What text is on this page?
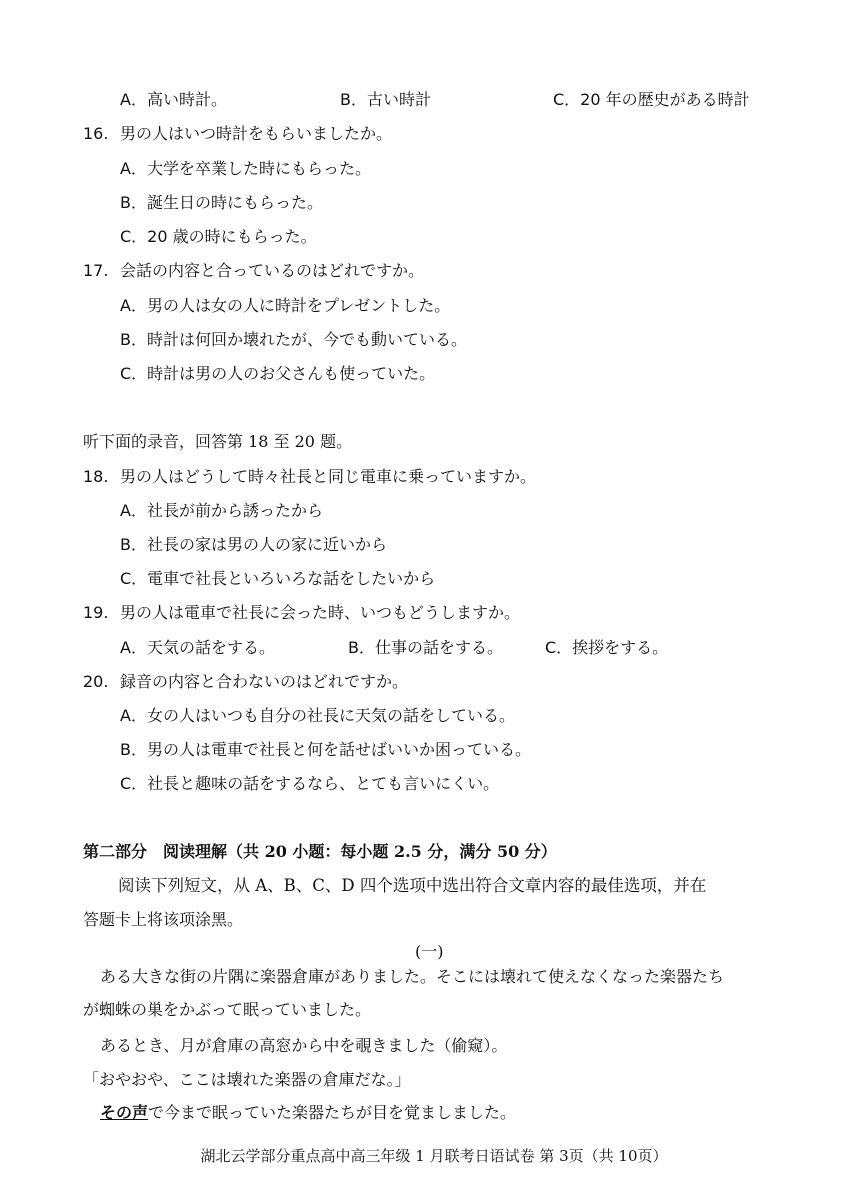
A．高い時計。	B．古い時計	C．20 年の歴史がある時計
16. 男の人はいつ時計をもらいましたか。
A．大学を卒業した時にもらった。
B．誕生日の時にもらった。
C．20 歳の時にもらった。
17. 会話の内容と合っているのはどれですか。
A．男の人は女の人に時計をプレゼントした。
B．時計は何回か壊れたが、今でも動いている。
C．時計は男の人のお父さんも使っていた。
听下面的录音，回答第 18 至 20 题。
18. 男の人はどうして時々社長と同じ電車に乗っていますか。
A．社長が前から誘ったから
B．社長の家は男の人の家に近いから
C．電車で社長といろいろな話をしたいから
19. 男の人は電車で社長に会った時、いつもどうしますか。
A．天気の話をする。	B．仕事の話をする。	C．挨拶をする。
20. 録音の内容と合わないのはどれですか。
A．女の人はいつも自分の社長に天気の話をしている。
B．男の人は電車で社長と何を話せばいいか困っている。
C．社長と趣味の話をするなら、とても言いにくい。
第二部分　阅读理解（共 20 小题：每小题 2.5 分，满分 50 分）
阅读下列短文，从 A、B、C、D 四个选项中选出符合文章内容的最佳选项，并在
答题卡上将该项涂黑。
(一)
ある大きな街の片隅に楽器倉庫がありました。そこには壊れて使えなくなった楽器たち
が蜘蛛の巣をかぶって眠っていました。
あるとき、月が倉庫の高窓から中を覗きました（偷窥）。
「おやおや、ここは壊れた楽器の倉庫だな。」
その声で今まで眠っていた楽器たちが目を覚ましました。
湖北云学部分重点高中高三年级 1 月联考日语试卷 第 3页（共 10页）
